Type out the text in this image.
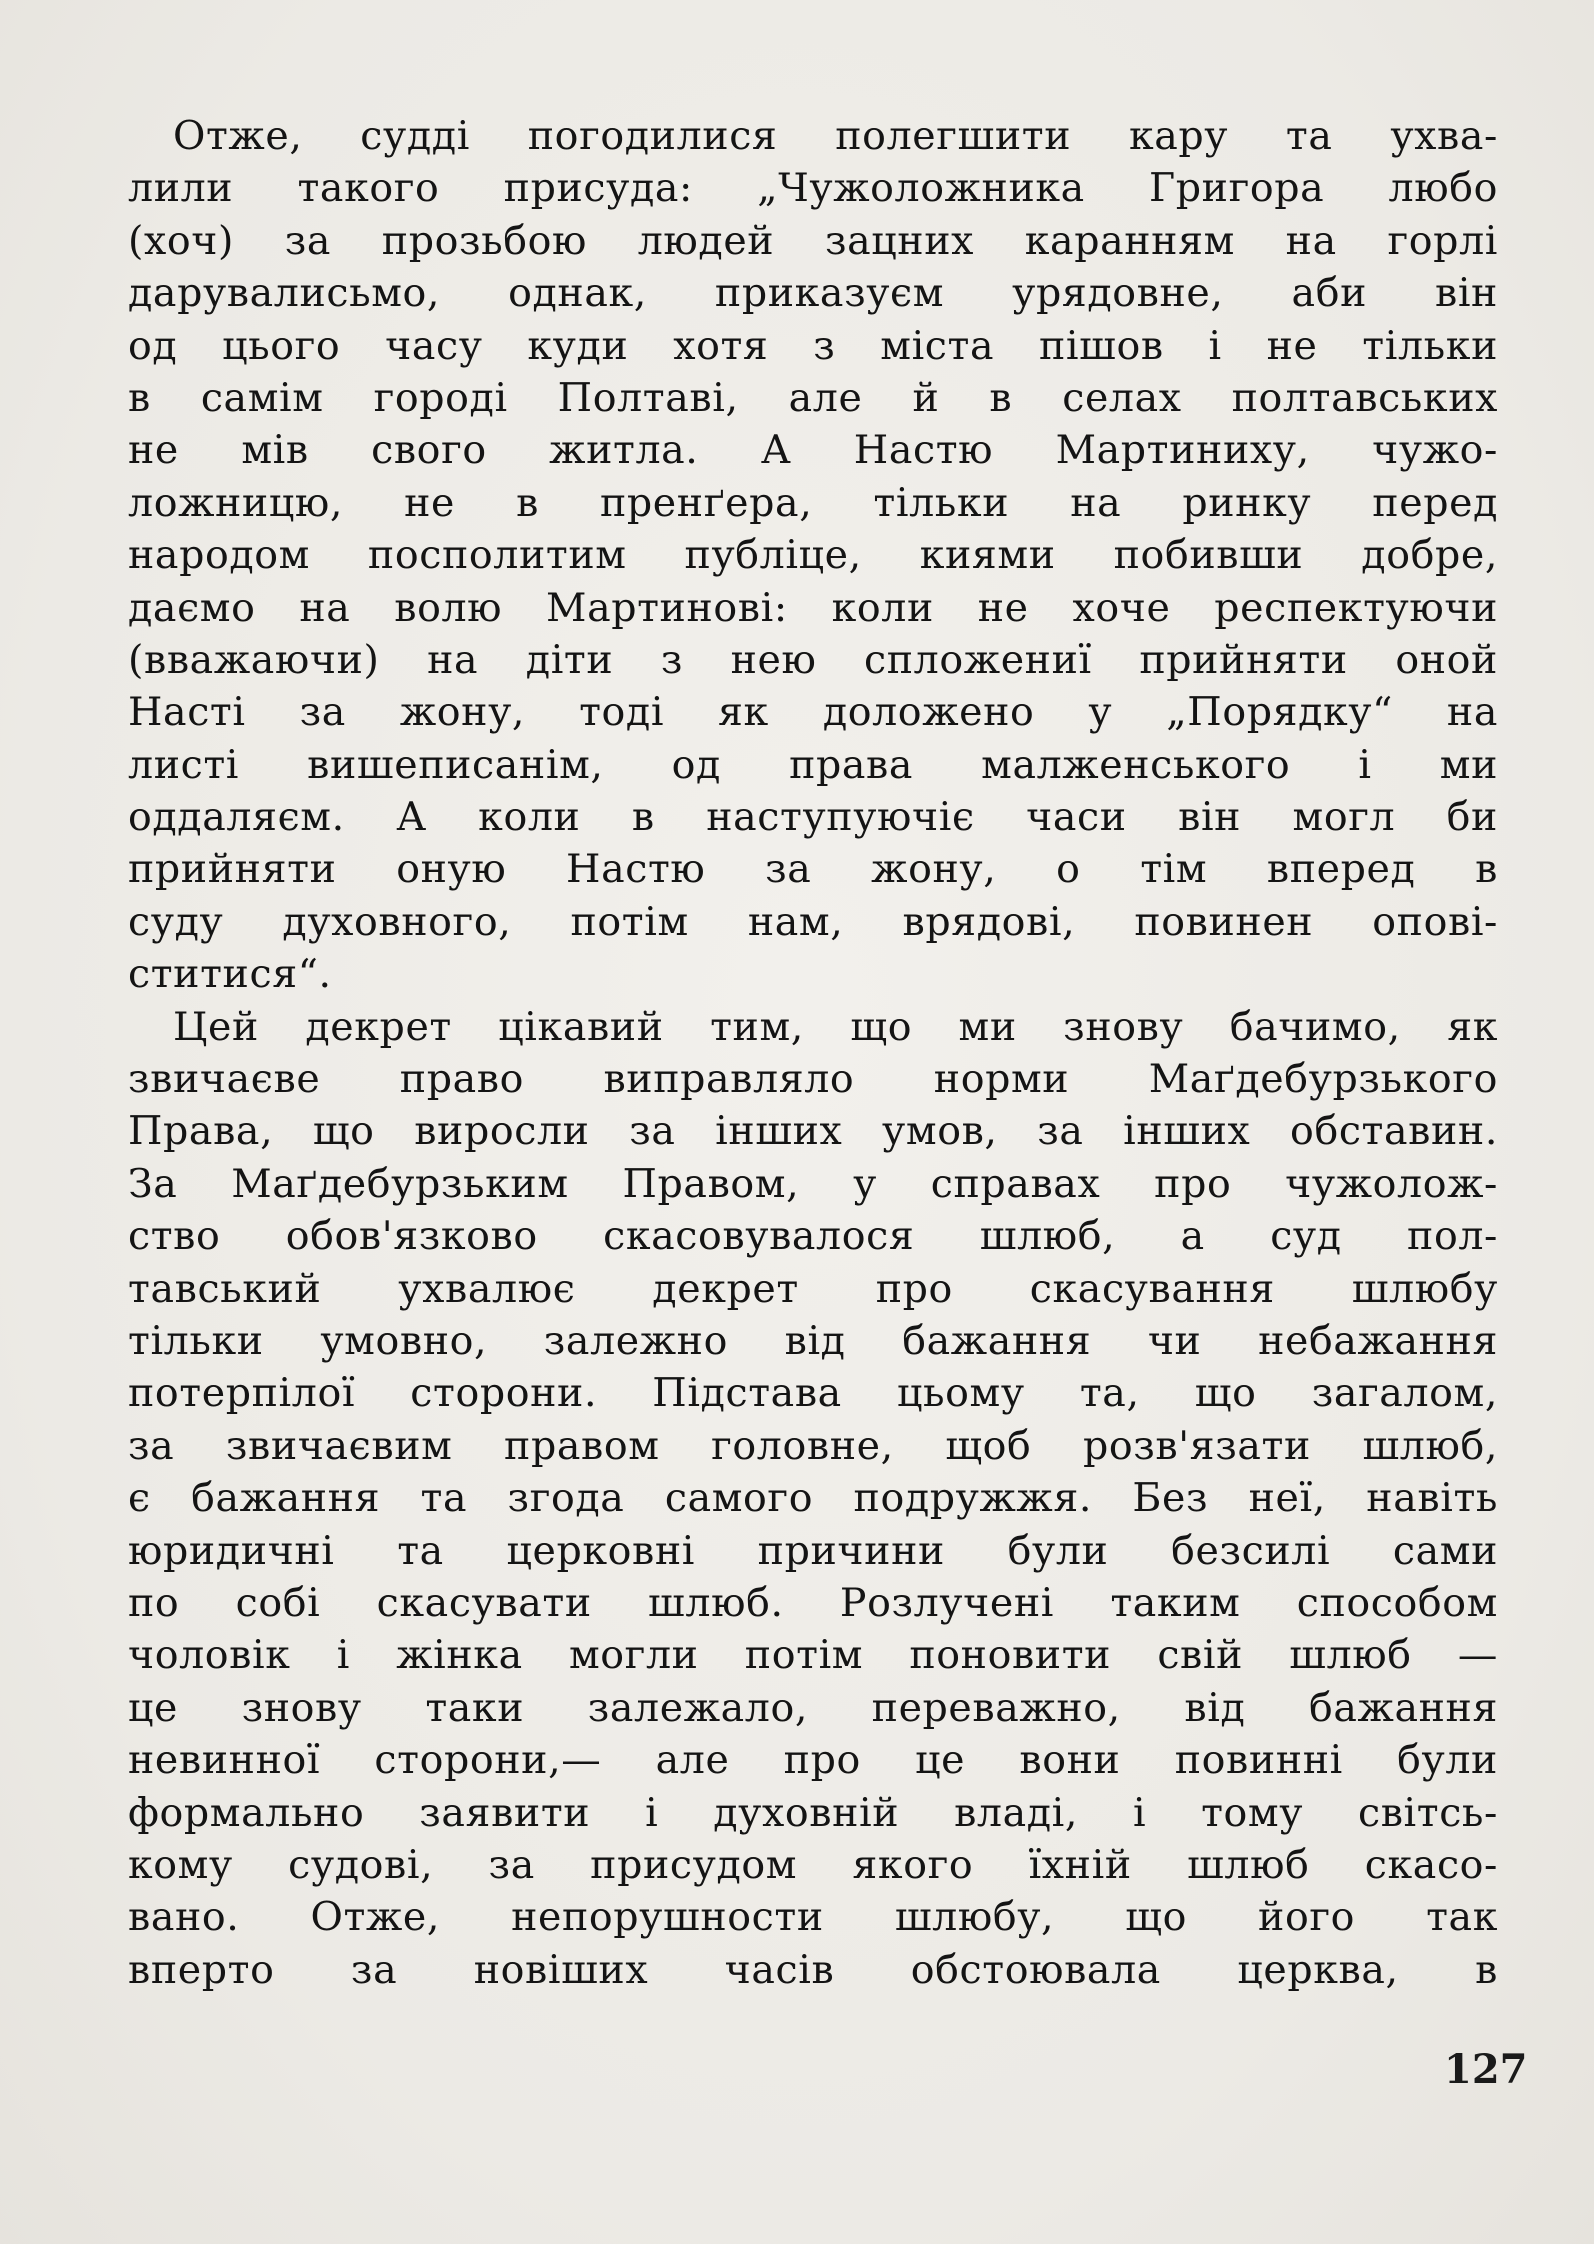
Отже, судді погодилися полегшити кару та ухва-
лили такого присуда: „Чужоложника Григора любо
(хоч) за прозьбою людей зацних каранням на горлі
дарувалисьмо, однак, приказуєм урядовне, аби він
од цього часу куди хотя з міста пішов і не тільки
в самім городі Полтаві, але й в селах полтавських
не мів свого житла. А Настю Мартиниху, чужо-
ложницю, не в пренґера, тільки на ринку перед
народом посполитим публіце, киями побивши добре,
даємо на волю Мартинові: коли не хоче респектуючи
(вважаючи) на діти з нею спложениї прийняти оной
Насті за жону, тоді як доложено у „Порядку“ на
листі вишеписанім, од права малженського і ми
оддаляєм. А коли в наступуючіє часи він могл би
прийняти оную Настю за жону, о тім вперед в
суду духовного, потім нам, врядові, повинен опові-
ститися“.
Цей декрет цікавий тим, що ми знову бачимо, як
звичаєве право виправляло норми Маґдебурзького
Права, що виросли за інших умов, за інших обставин.
За Маґдебурзьким Правом, у справах про чужолож-
ство обов'язково скасовувалося шлюб, а суд пол-
тавський ухвалює декрет про скасування шлюбу
тільки умовно, залежно від бажання чи небажання
потерпілої сторони. Підстава цьому та, що загалом,
за звичаєвим правом головне, щоб розв'язати шлюб,
є бажання та згода самого подружжя. Без неї, навіть
юридичні та церковні причини були безсилі сами
по собі скасувати шлюб. Розлучені таким способом
чоловік і жінка могли потім поновити свій шлюб —
це знову таки залежало, переважно, від бажання
невинної сторони,— але про це вони повинні були
формально заявити і духовній владі, і тому світсь-
кому судові, за присудом якого їхній шлюб скасо-
вано. Отже, непорушности шлюбу, що його так
вперто за новіших часів обстоювала церква, в
127
